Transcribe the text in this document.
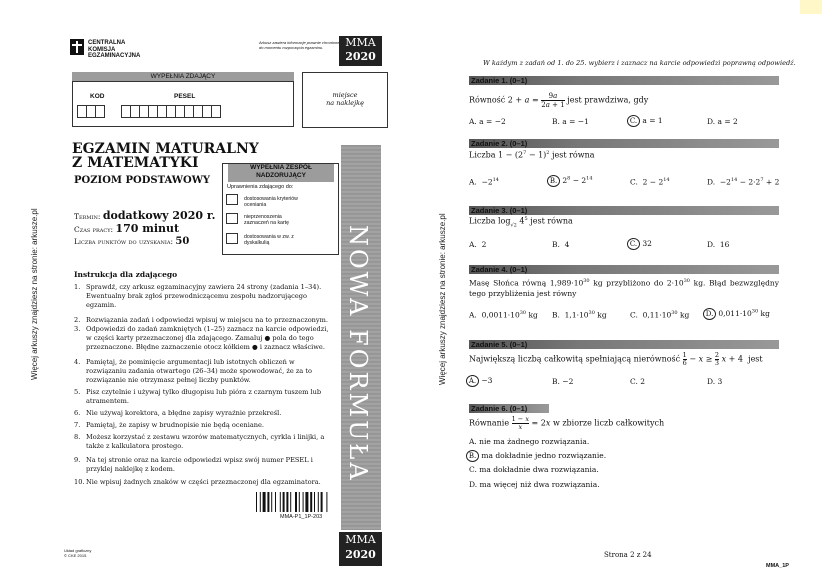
Więcej arkuszy znajdziesz na stronie: arkusze.pl
CENTRALNA
KOMISJA
EGZAMINACYJNA
Arkusz zawiera informacje prawnie chronione do momentu rozpoczęcia egzaminu.	MMA
2020
WYPEŁNIA ZDAJĄCY
KOD	PESEL	miejsce
na naklejkę
EGZAMIN MATURALNY
Z MATEMATYKI
POZIOM PODSTAWOWY
WYPEŁNIA ZESPÓŁ NADZORUJĄCY
Uprawnienia zdającego do:
dostosowania kryteriów oceniania
nieprzenoszenia zaznaczeń na kartę
dostosowania w zw. z dyskalkulią
Termin: dodatkowy 2020 r.
Czas pracy: 170 minut
Liczba punktów do uzyskania: 50	NOWA FORMUŁA
Instrukcja dla zdającego
1. Sprawdź, czy arkusz egzaminacyjny zawiera 24 strony (zadania 1–34). Ewentualny brak zgłoś przewodniczącemu zespołu nadzorującego egzamin.
2. Rozwiązania zadań i odpowiedzi wpisuj w miejscu na to przeznaczonym.
3. Odpowiedzi do zadań zamkniętych (1–25) zaznacz na karcie odpowiedzi, w części karty przeznaczonej dla zdającego. Zamaluj ● pola do tego przeznaczone. Błędne zaznaczenie otocz kółkiem ● i zaznacz właściwe.
4. Pamiętaj, że pominięcie argumentacji lub istotnych obliczeń w rozwiązaniu zadania otwartego (26–34) może spowodować, że za to rozwiązanie nie otrzymasz pełnej liczby punktów.
5. Pisz czytelnie i używaj tylko długopisu lub pióra z czarnym tuszem lub atramentem.
6. Nie używaj korektora, a błędne zapisy wyraźnie przekreśl.
7. Pamiętaj, że zapisy w brudnopisie nie będą oceniane.
8. Możesz korzystać z zestawu wzorów matematycznych, cyrkla i linijki, a także z kalkulatora prostego.
9. Na tej stronie oraz na karcie odpowiedzi wpisz swój numer PESEL i przyklej naklejkę z kodem.
10. Nie wpisuj żadnych znaków w części przeznaczonej dla egzaminatora.
MMA-P1_1P-203
Układ graficzny
© CKE 2015
MMA
2020
Więcej arkuszy znajdziesz na stronie: arkusze.pl
W każdym z zadań od 1. do 25. wybierz i zaznacz na karcie odpowiedzi poprawną odpowiedź.
Zadanie 1. (0–1)
Równość $2 + a = \frac{9a}{2a + 1}$ jest prawdziwa, gdy
A. a = −2	B. a = −1	C. a = 1	D. a = 2
Zadanie 2. (0–1)
Liczba $1 - (2^7 - 1)^2$ jest równa
A.  $-2^{14}$	B. $2^8 - 2^{14}$	C.  $2 - 2^{14}$	D.  $-2^{14} - 2\cdot 2^7 + 2$
Zadanie 3. (0–1)
Liczba $\log_{√2} 4^5$ jest równa
A.  2	B.  4	C. 32	D.  16
Zadanie 4. (0–1)
Masę Słońca równą $1,989\cdot 10^{30}$ kg przybliżono do $2\cdot 10^{30}$ kg. Błąd bezwzględny tego przybliżenia jest równy
A.  $0,0011\cdot 10^{30}$ kg B.  $1,1\cdot 10^{30}$ kg	C.  $0,11\cdot 10^{30}$ kg	D. $0,011\cdot 10^{30}$ kg
Zadanie 5. (0–1)
Największą liczbą całkowitą spełniającą nierówność $\frac{1}{6} - x \ge \frac{2}{3}$ x + 4  jest
A. −3	B. −2	C. 2	D. 3
Zadanie 6. (0–1)
Równanie $\frac{1 - x}{x} = 2x$ w zbiorze liczb całkowitych
A. nie ma żadnego rozwiązania.
B. ma dokładnie jedno rozwiązanie.
C. ma dokładnie dwa rozwiązania.
D. ma więcej niż dwa rozwiązania.
Strona 2 z 24
MMA_1P
